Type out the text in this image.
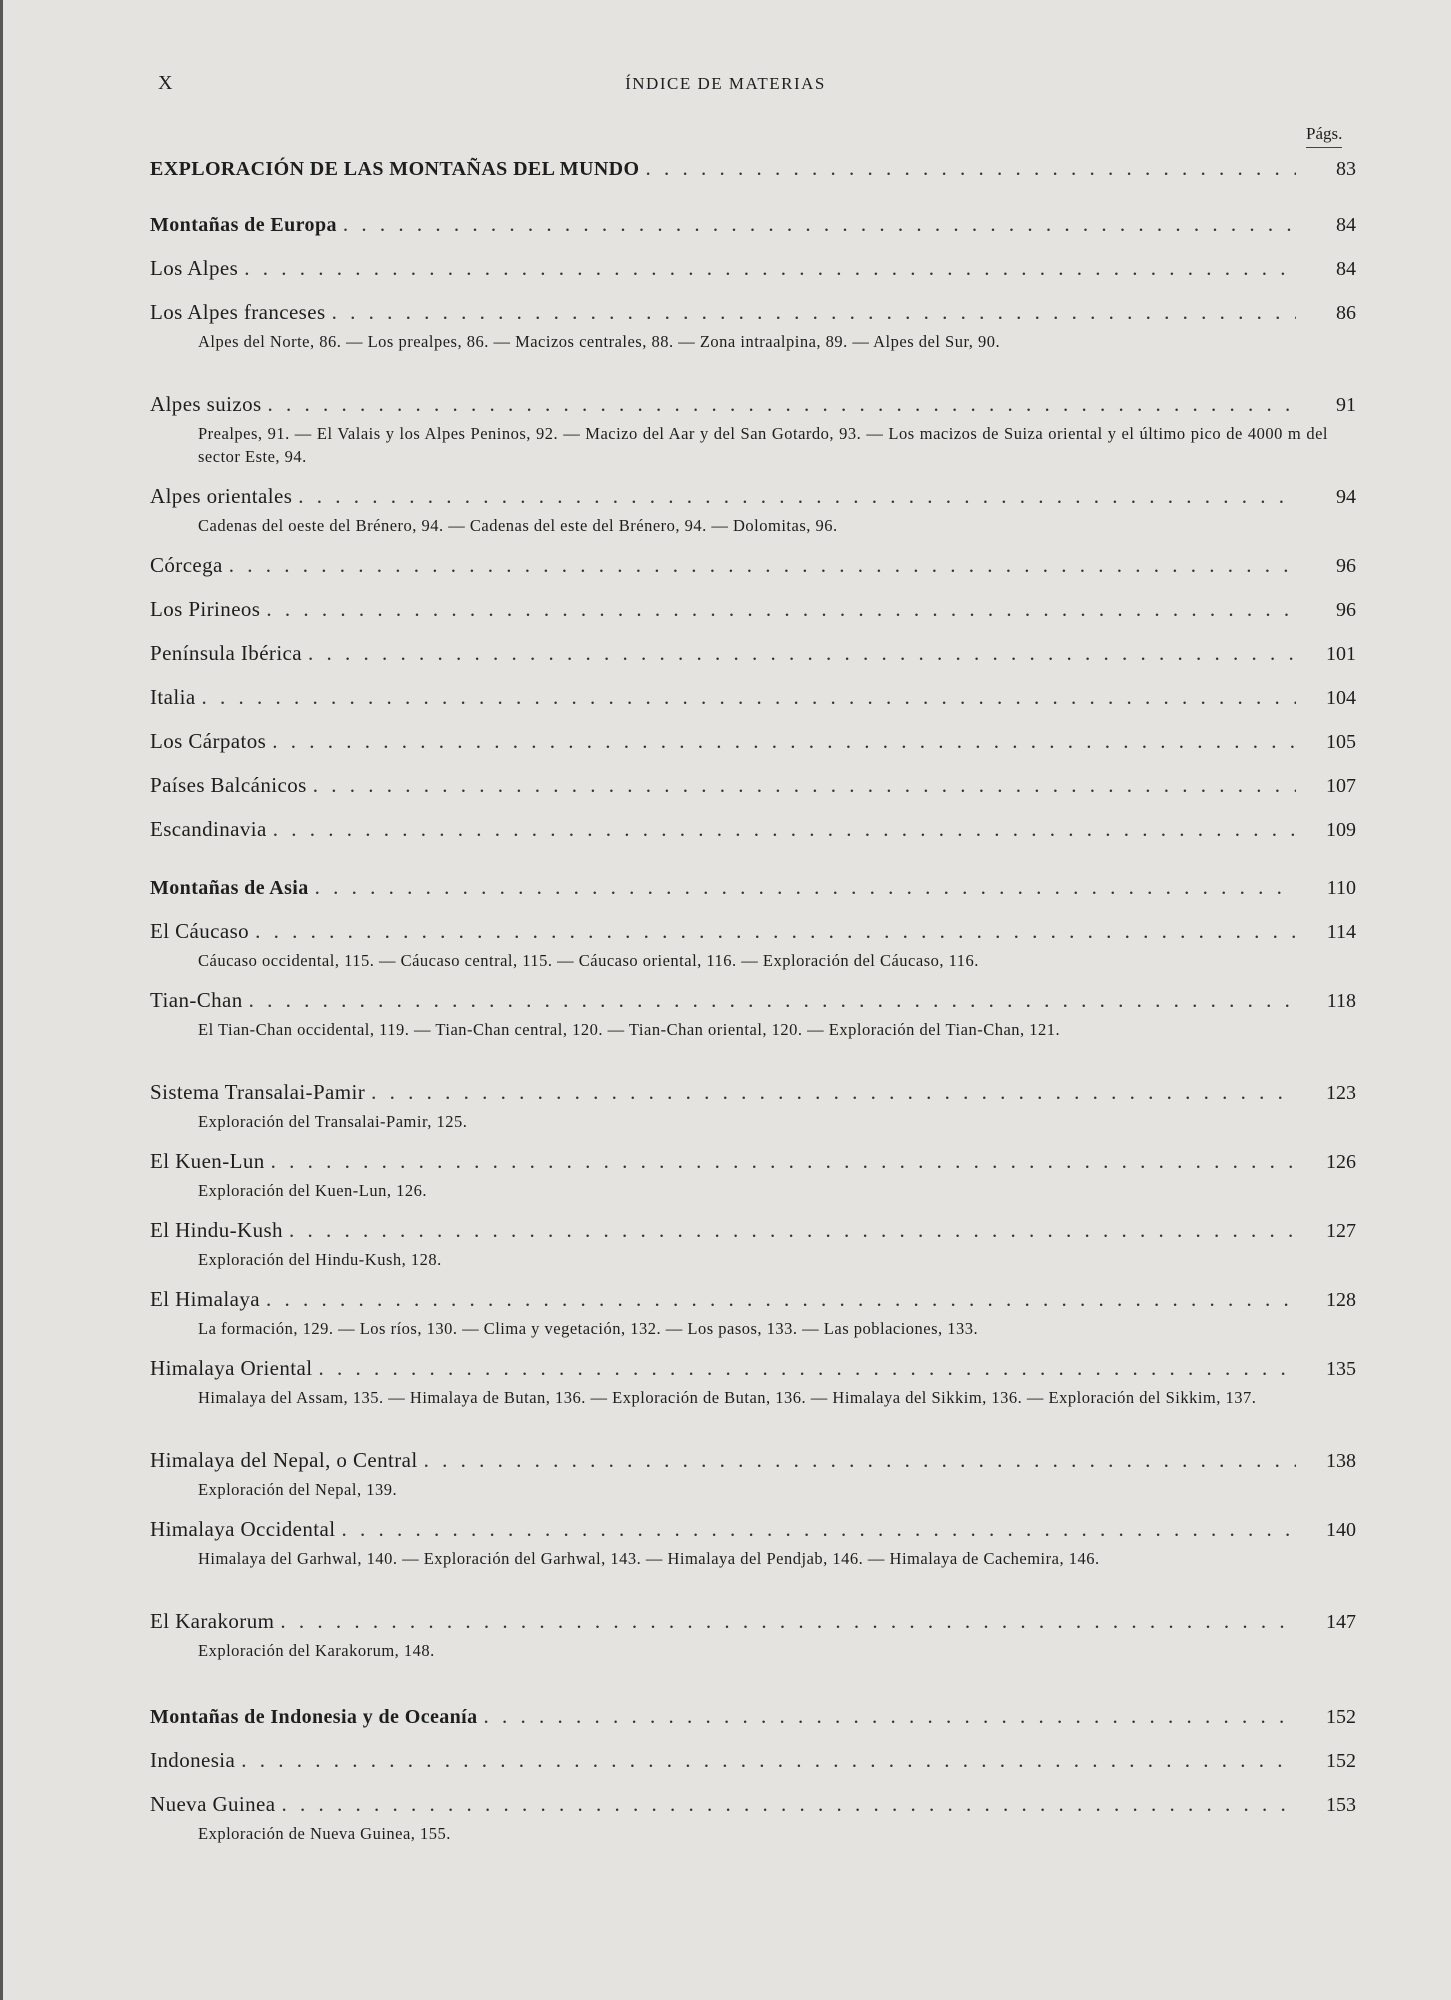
X	ÍNDICE DE MATERIAS
Págs.
EXPLORACIÓN DE LAS MONTAÑAS DEL MUNDO . . .	83
Montañas de Europa . . .	84
Los Alpes . . .	84
Los Alpes franceses . . .	86
Alpes del Norte, 86. — Los prealpes, 86. — Macizos centrales, 88. — Zona intraalpina, 89. — Alpes del Sur, 90.
Alpes suizos . . .	91
Prealpes, 91. — El Valais y los Alpes Peninos, 92. — Macizo del Aar y del San Gotardo, 93. — Los macizos de Suiza oriental y el último pico de 4000 m del sector Este, 94.
Alpes orientales . . .	94
Cadenas del oeste del Brénero, 94. — Cadenas del este del Brénero, 94. — Dolomitas, 96.
Córcega . . .	96
Los Pirineos . . .	96
Península Ibérica . . .	101
Italia . . .	104
Los Cárpatos . . .	105
Países Balcánicos . . .	107
Escandinavia . . .	109
Montañas de Asia . . .	110
El Cáucaso . . .	114
Cáucaso occidental, 115. — Cáucaso central, 115. — Cáucaso oriental, 116. — Exploración del Cáucaso, 116.
Tian-Chan . . .	118
El Tian-Chan occidental, 119. — Tian-Chan central, 120. — Tian-Chan oriental, 120. — Exploración del Tian-Chan, 121.
Sistema Transalai-Pamir . . .	123
Exploración del Transalai-Pamir, 125.
El Kuen-Lun . . .	126
Exploración del Kuen-Lun, 126.
El Hindu-Kush . . .	127
Exploración del Hindu-Kush, 128.
El Himalaya . . .	128
La formación, 129. — Los ríos, 130. — Clima y vegetación, 132. — Los pasos, 133. — Las poblaciones, 133.
Himalaya Oriental . . .	135
Himalaya del Assam, 135. — Himalaya de Butan, 136. — Exploración de Butan, 136. — Himalaya del Sikkim, 136. — Exploración del Sikkim, 137.
Himalaya del Nepal, o Central . . .	138
Exploración del Nepal, 139.
Himalaya Occidental . . .	140
Himalaya del Garhwal, 140. — Exploración del Garhwal, 143. — Himalaya del Pendjab, 146. — Himalaya de Cachemira, 146.
El Karakorum . . .	147
Exploración del Karakorum, 148.
Montañas de Indonesia y de Oceanía . . .	152
Indonesia . . .	152
Nueva Guinea . . .	153
Exploración de Nueva Guinea, 155.
